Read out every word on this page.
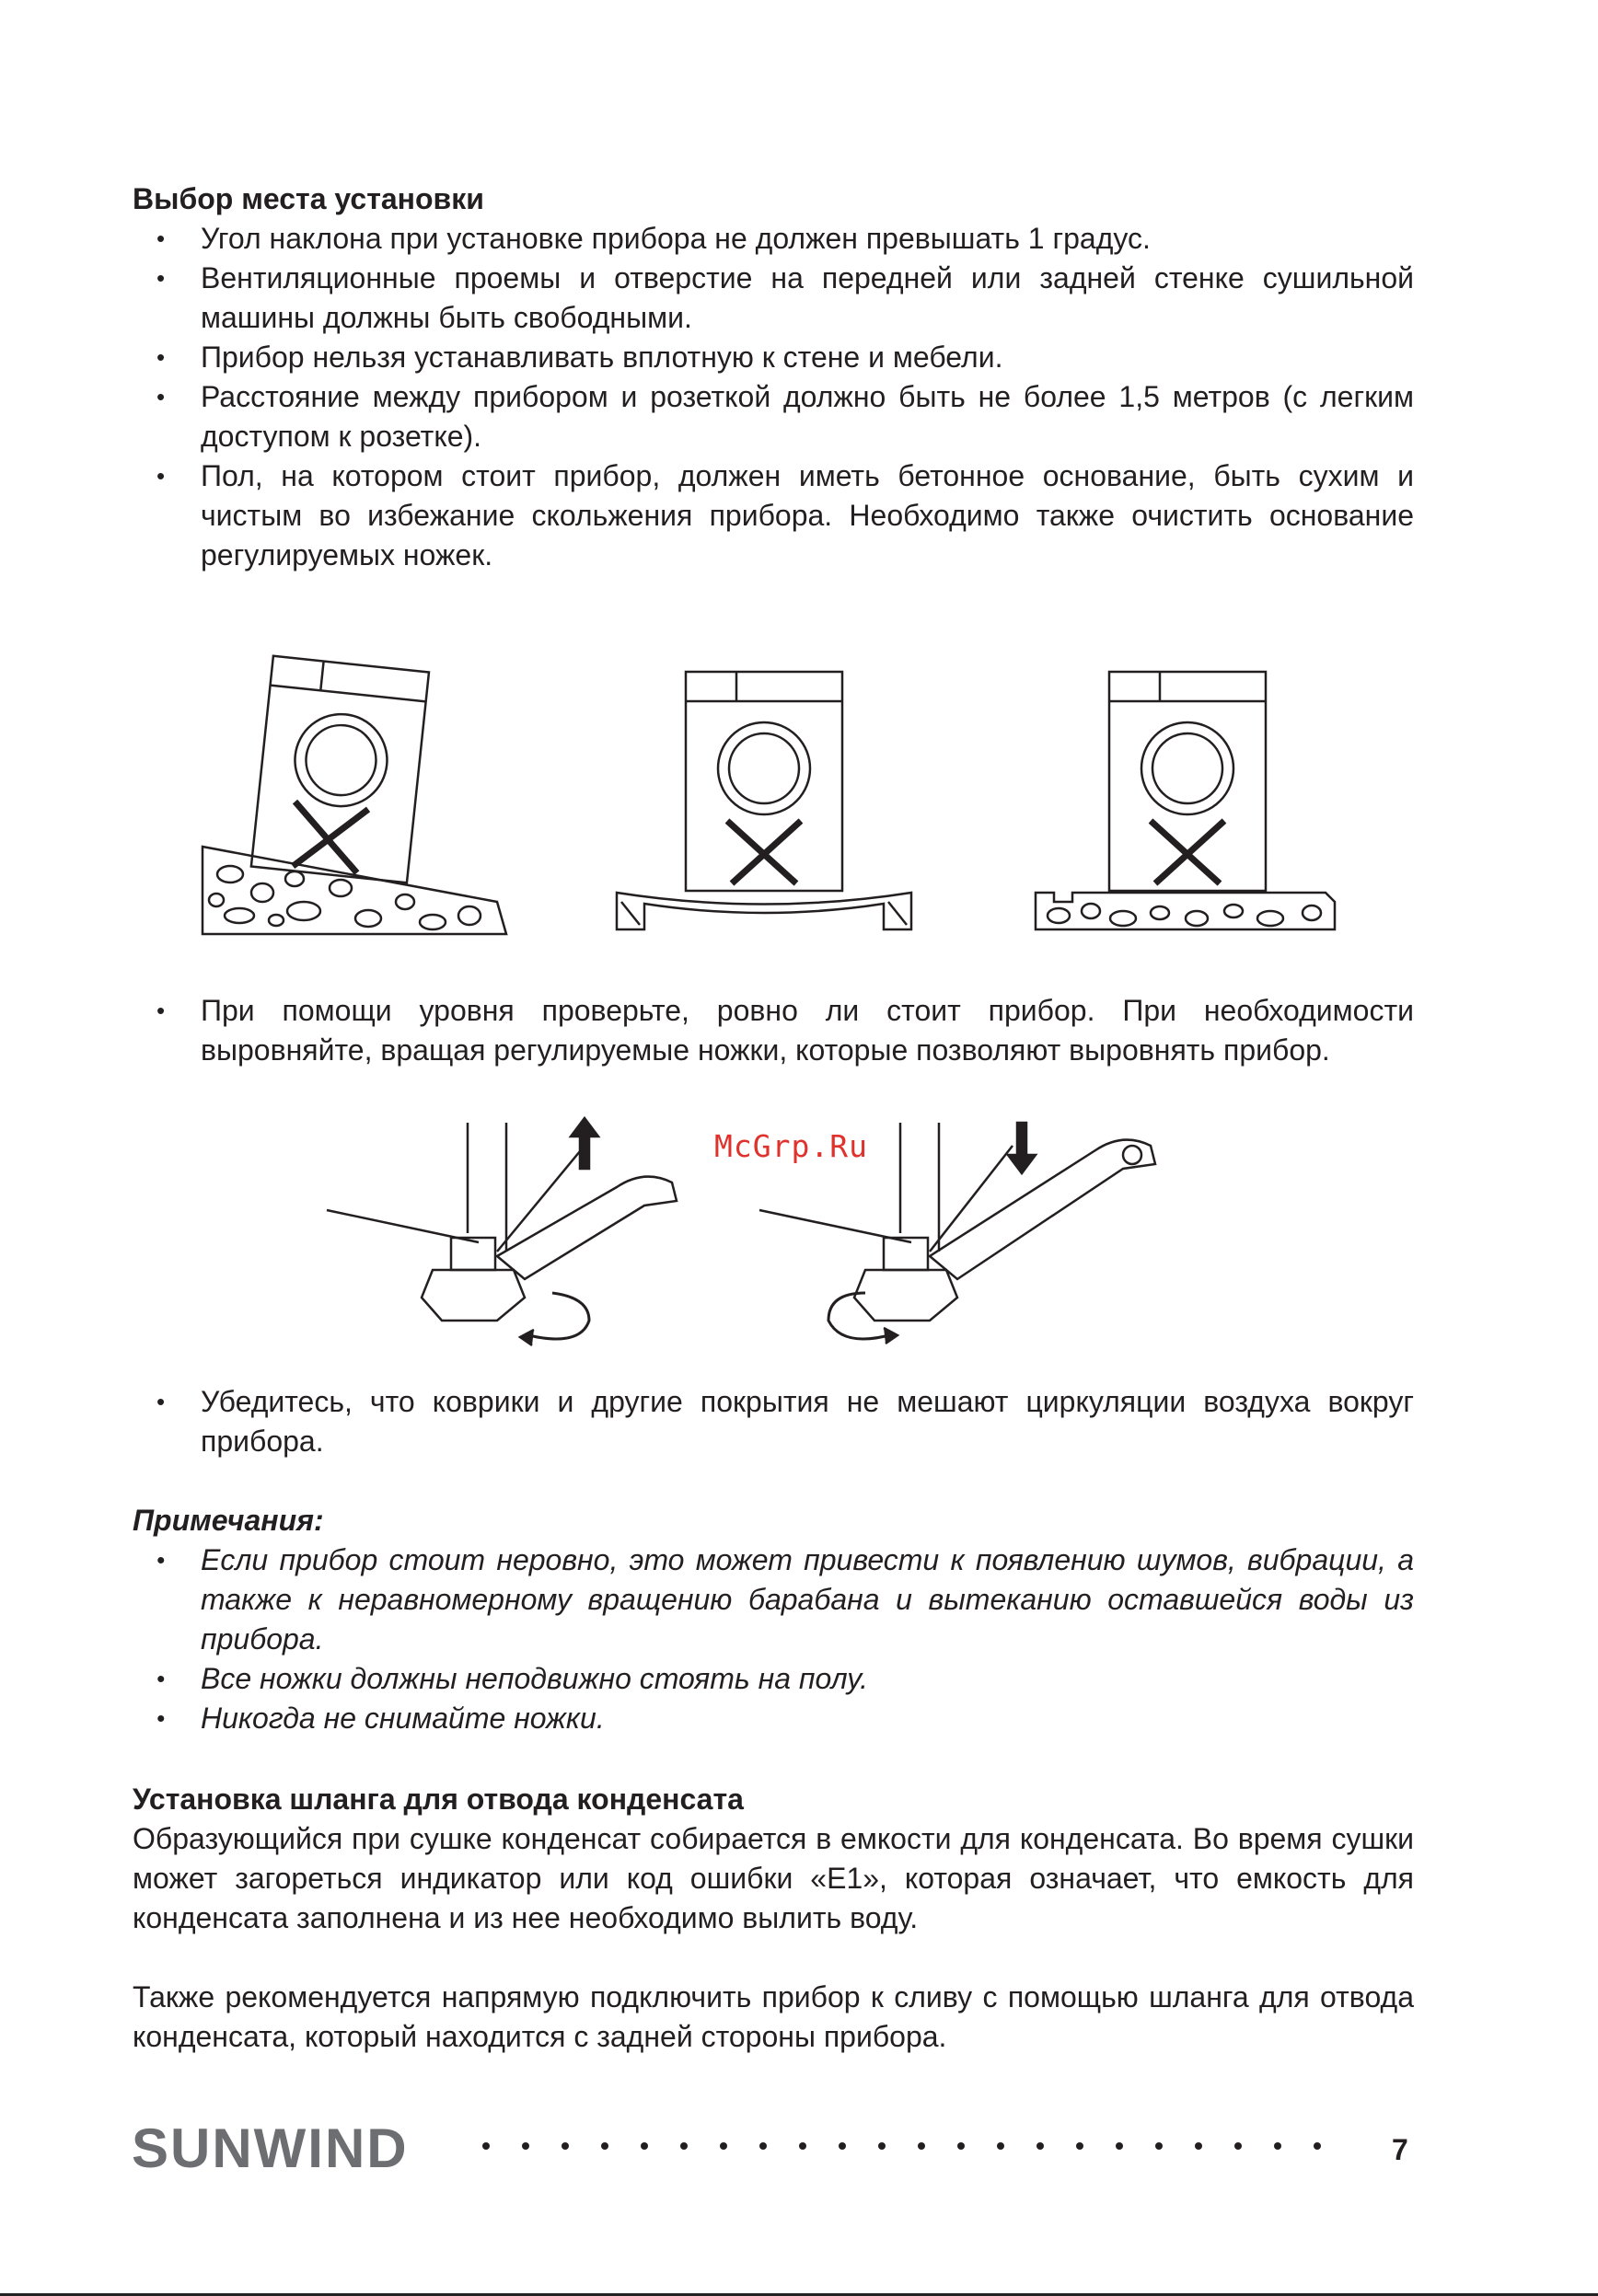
Выбор места установки
• Угол наклона при установке прибора не должен превышать 1 градус.
• Вентиляционные проемы и отверстие на передней или задней стенке сушильной машины должны быть свободными.
• Прибор нельзя устанавливать вплотную к стене и мебели.
• Расстояние между прибором и розеткой должно быть не более 1,5 метров (с легким доступом к розетке).
• Пол, на котором стоит прибор, должен иметь бетонное основание, быть сухим и чистым во избежание скольжения прибора. Необходимо также очистить основание регулируемых ножек.
• При помощи уровня проверьте, ровно ли стоит прибор. При необходимости выровняйте, вращая регулируемые ножки, которые позволяют выровнять прибор.
McGrp.Ru
• Убедитесь, что коврики и другие покрытия не мешают циркуляции воздуха вокруг прибора.
Примечания:
• Если прибор стоит неровно, это может привести к появлению шумов, вибрации, а также к неравномерному вращению барабана и вытеканию оставшейся воды из прибора.
• Все ножки должны неподвижно стоять на полу.
• Никогда не снимайте ножки.
Установка шланга для отвода конденсата

Образующийся при сушке конденсат собирается в емкости для конденсата. Во время сушки может загореться индикатор или код ошибки «E1», которая означает, что емкость для конденсата заполнена и из нее необходимо вылить воду.

Также рекомендуется напрямую подключить прибор к сливу с помощью шланга для отвода конденсата, который находится с задней стороны прибора.

SUNWIND	7
